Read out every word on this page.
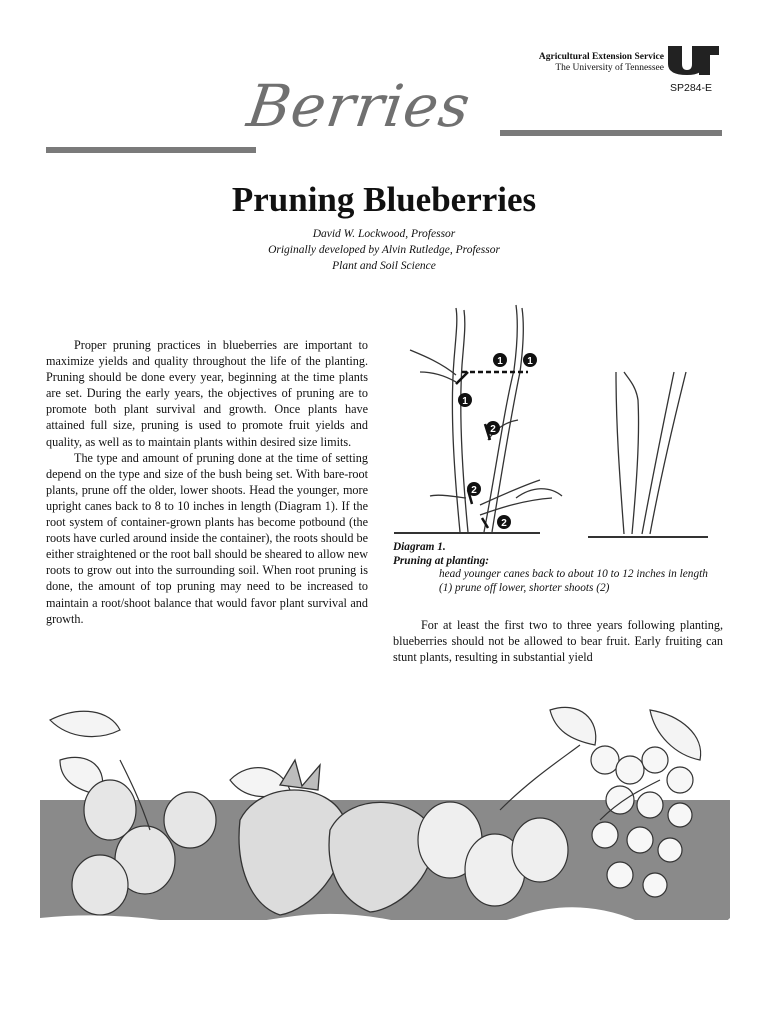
Agricultural Extension Service
The University of Tennessee
SP284-E
Berries
Pruning Blueberries
David W. Lockwood, Professor
Originally developed by Alvin Rutledge, Professor
Plant and Soil Science

Proper pruning practices in blueberries are important to maximize yields and quality throughout the life of the planting. Pruning should be done every year, beginning at the time plants are set. During the early years, the objectives of pruning are to promote both plant survival and growth. Once plants have attained full size, pruning is used to promote fruit yields and quality, as well as to maintain plants within desired size limits.

The type and amount of pruning done at the time of setting depend on the type and size of the bush being set. With bare-root plants, prune off the older, lower shoots. Head the younger, more upright canes back to 8 to 10 inches in length (Diagram 1). If the root system of container-grown plants has become potbound (the roots have curled around inside the container), the roots should be either straightened or the root ball should be sheared to allow new roots to grow out into the surrounding soil. When root pruning is done, the amount of top pruning may need to be increased to maintain a root/shoot balance that would favor plant survival and growth.

1 1
1
2
2
2
Diagram 1.
Pruning at planting:
head younger canes back to about 10 to 12 inches in length (1) prune off lower, shorter shoots (2)

For at least the first two to three years following planting, blueberries should not be allowed to bear fruit. Early fruiting can stunt plants, resulting in substantial yield
